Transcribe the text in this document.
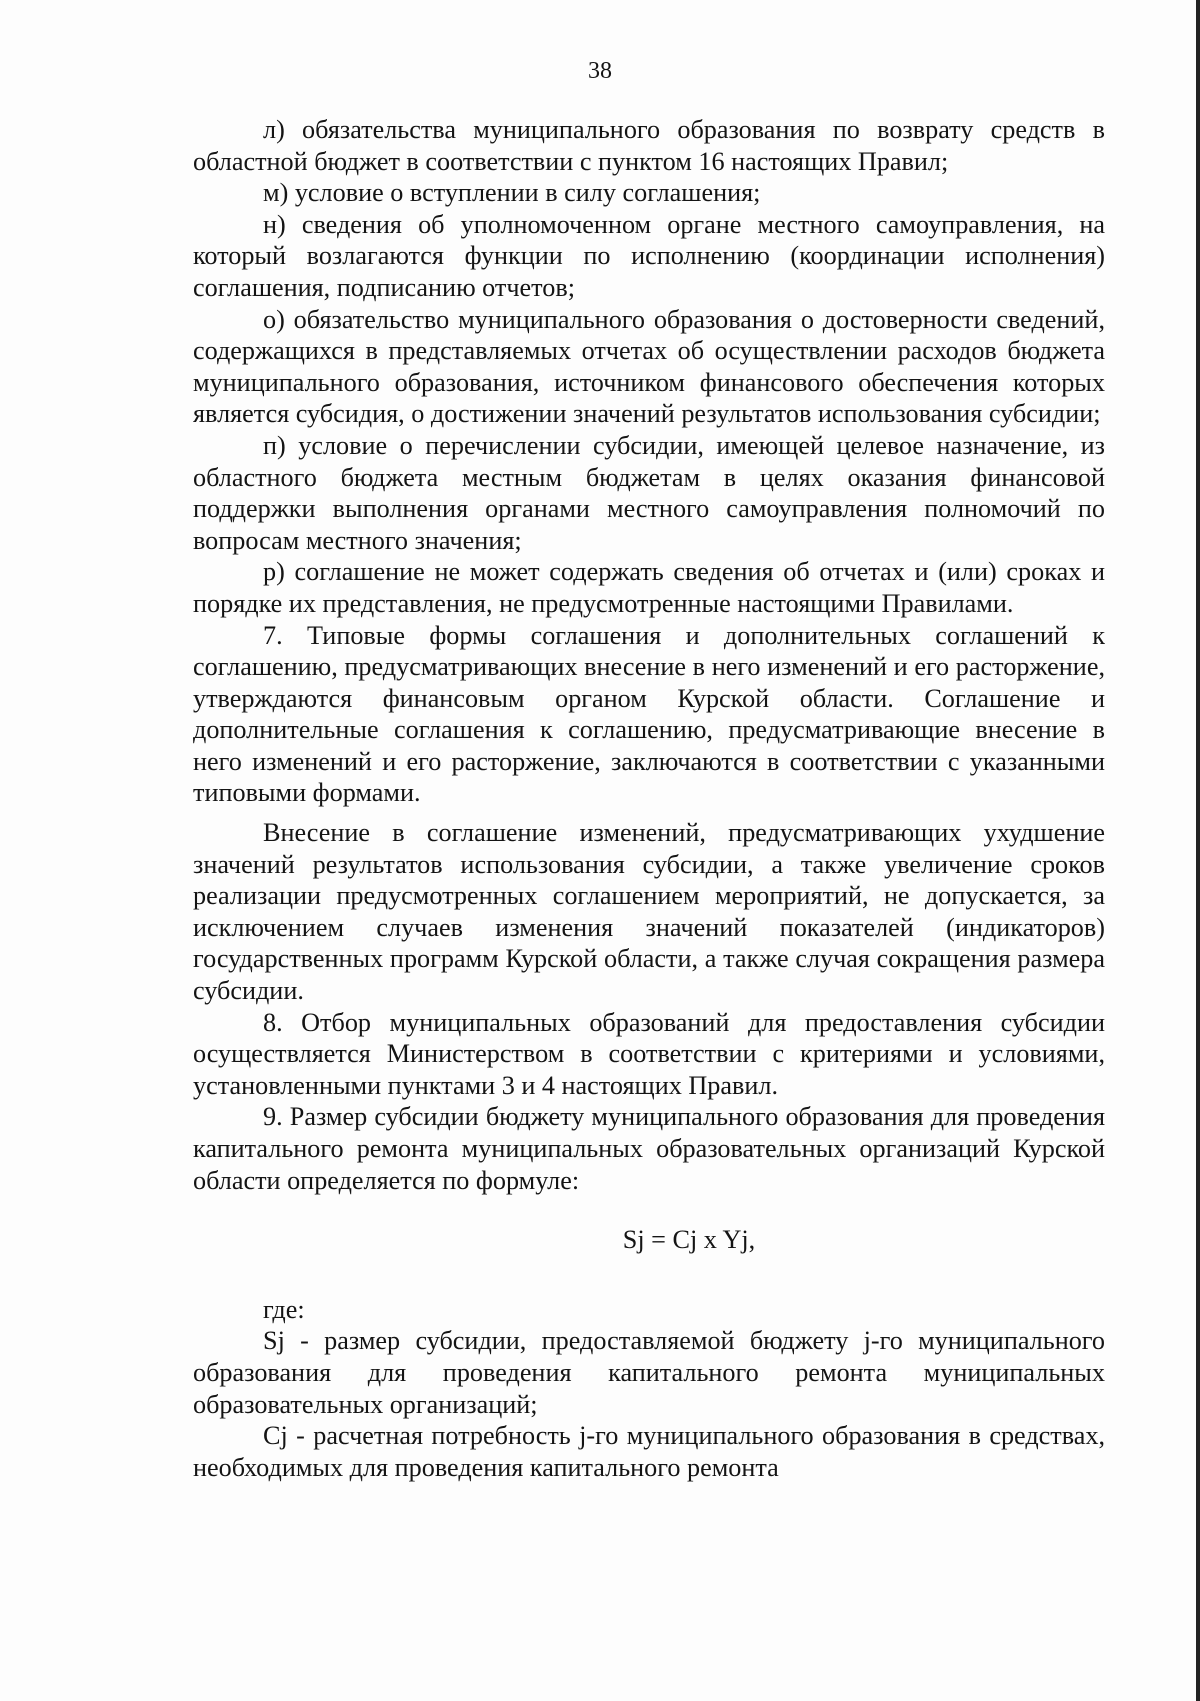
38

л) обязательства муниципального образования по возврату средств в областной бюджет в соответствии с пунктом 16 настоящих Правил;

м) условие о вступлении в силу соглашения;

н) сведения об уполномоченном органе местного самоуправления, на который возлагаются функции по исполнению (координации исполнения) соглашения, подписанию отчетов;

о) обязательство муниципального образования о достоверности сведений, содержащихся в представляемых отчетах об осуществлении расходов бюджета муниципального образования, источником финансового обеспечения которых является субсидия, о достижении значений результатов использования субсидии;

п) условие о перечислении субсидии, имеющей целевое назначение, из областного бюджета местным бюджетам в целях оказания финансовой поддержки выполнения органами местного самоуправления полномочий по вопросам местного значения;

р) соглашение не может содержать сведения об отчетах и (или) сроках и порядке их представления, не предусмотренные настоящими Правилами.

7. Типовые формы соглашения и дополнительных соглашений к соглашению, предусматривающих внесение в него изменений и его расторжение, утверждаются финансовым органом Курской области. Соглашение и дополнительные соглашения к соглашению, предусматривающие внесение в него изменений и его расторжение, заключаются в соответствии с указанными типовыми формами.

Внесение в соглашение изменений, предусматривающих ухудшение значений результатов использования субсидии, а также увеличение сроков реализации предусмотренных соглашением мероприятий, не допускается, за исключением случаев изменения значений показателей (индикаторов) государственных программ Курской области, а также случая сокращения размера субсидии.

8. Отбор муниципальных образований для предоставления субсидии осуществляется Министерством в соответствии с критериями и условиями, установленными пунктами 3 и 4 настоящих Правил.

9. Размер субсидии бюджету муниципального образования для проведения капитального ремонта муниципальных образовательных организаций Курской области определяется по формуле:

Sj = Cj x Yj,

где:

Sj - размер субсидии, предоставляемой бюджету j-го муниципального образования для проведения капитального ремонта муниципальных образовательных организаций;

Cj - расчетная потребность j-го муниципального образования в средствах, необходимых для проведения капитального ремонта
